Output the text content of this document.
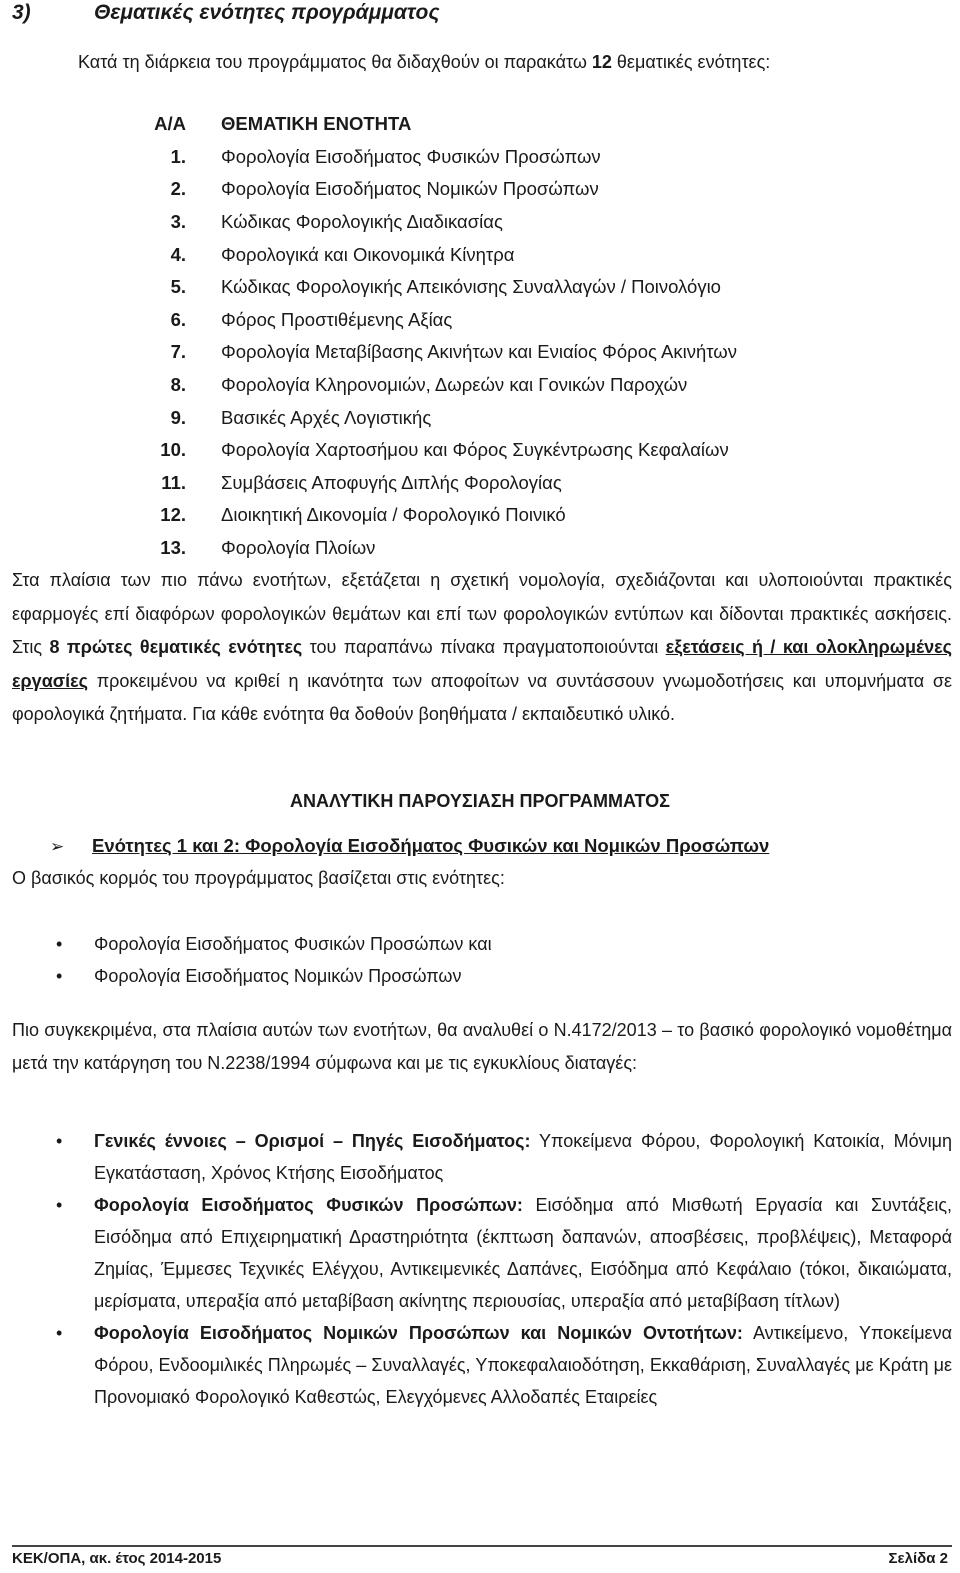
3)	Θεματικές ενότητες προγράμματος
Κατά τη διάρκεια του προγράμματος θα διδαχθούν οι παρακάτω 12 θεματικές ενότητες:
Α/Α	ΘΕΜΑΤΙΚΗ ΕΝΟΤΗΤΑ
1.	Φορολογία Εισοδήματος Φυσικών Προσώπων
2.	Φορολογία Εισοδήματος Νομικών Προσώπων
3.	Κώδικας Φορολογικής Διαδικασίας
4.	Φορολογικά και Οικονομικά Κίνητρα
5.	Κώδικας Φορολογικής Απεικόνισης Συναλλαγών / Ποινολόγιο
6.	Φόρος Προστιθέμενης Αξίας
7.	Φορολογία Μεταβίβασης Ακινήτων και Ενιαίος Φόρος Ακινήτων
8.	Φορολογία Κληρονομιών, Δωρεών και Γονικών Παροχών
9.	Βασικές Αρχές Λογιστικής
10.	Φορολογία Χαρτοσήμου και Φόρος Συγκέντρωσης Κεφαλαίων
11.	Συμβάσεις Αποφυγής Διπλής Φορολογίας
12.	Διοικητική Δικονομία / Φορολογικό Ποινικό
13.	Φορολογία Πλοίων
Στα πλαίσια των πιο πάνω ενοτήτων, εξετάζεται η σχετική νομολογία, σχεδιάζονται και υλοποιούνται πρακτικές εφαρμογές επί διαφόρων φορολογικών θεμάτων και επί των φορολογικών εντύπων και δίδονται πρακτικές ασκήσεις. Στις 8 πρώτες θεματικές ενότητες του παραπάνω πίνακα πραγματοποιούνται εξετάσεις ή / και ολοκληρωμένες εργασίες προκειμένου να κριθεί η ικανότητα των αποφοίτων να συντάσσουν γνωμοδοτήσεις και υπομνήματα σε φορολογικά ζητήματα. Για κάθε ενότητα θα δοθούν βοηθήματα / εκπαιδευτικό υλικό.
ΑΝΑΛΥΤΙΚΗ ΠΑΡΟΥΣΙΑΣΗ ΠΡΟΓΡΑΜΜΑΤΟΣ
➢ Ενότητες 1 και 2: Φορολογία Εισοδήματος Φυσικών και Νομικών Προσώπων
Ο βασικός κορμός του προγράμματος βασίζεται στις ενότητες:
• Φορολογία Εισοδήματος Φυσικών Προσώπων και
• Φορολογία Εισοδήματος Νομικών Προσώπων
Πιο συγκεκριμένα, στα πλαίσια αυτών των ενοτήτων, θα αναλυθεί ο Ν.4172/2013 – το βασικό φορολογικό νομοθέτημα μετά την κατάργηση του Ν.2238/1994 σύμφωνα και με τις εγκυκλίους διαταγές:
• Γενικές έννοιες – Ορισμοί – Πηγές Εισοδήματος: Υποκείμενα Φόρου, Φορολογική Κατοικία, Μόνιμη Εγκατάσταση, Χρόνος Κτήσης Εισοδήματος
• Φορολογία Εισοδήματος Φυσικών Προσώπων: Εισόδημα από Μισθωτή Εργασία και Συντάξεις, Εισόδημα από Επιχειρηματική Δραστηριότητα (έκπτωση δαπανών, αποσβέσεις, προβλέψεις), Μεταφορά Ζημίας, Έμμεσες Τεχνικές Ελέγχου, Αντικειμενικές Δαπάνες, Εισόδημα από Κεφάλαιο (τόκοι, δικαιώματα, μερίσματα, υπεραξία από μεταβίβαση ακίνητης περιουσίας, υπεραξία από μεταβίβαση τίτλων)
• Φορολογία Εισοδήματος Νομικών Προσώπων και Νομικών Οντοτήτων: Αντικείμενο, Υποκείμενα Φόρου, Ενδοομιλικές Πληρωμές – Συναλλαγές, Υποκεφαλαιοδότηση, Εκκαθάριση, Συναλλαγές με Κράτη με Προνομιακό Φορολογικό Καθεστώς, Ελεγχόμενες Αλλοδαπές Εταιρείες
ΚΕΚ/ΟΠΑ, ακ. έτος 2014-2015	Σελίδα 2
